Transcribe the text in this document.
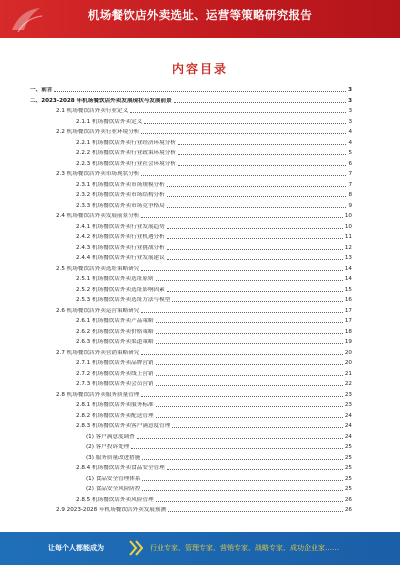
机场餐饮店外卖选址、运营等策略研究报告
内容目录
一、前言	3
二、2023-2028 年机场餐饮店外卖发展现状与发展前景	3
2.1 机场餐饮店外卖行业定义	3
2.1.1 机场餐饮店外卖定义	3
2.2 机场餐饮店外卖行业环境分析	4
2.2.1 机场餐饮店外卖行业经济环境分析	4
2.2.2 机场餐饮店外卖行业政策环境分析	5
2.2.3 机场餐饮店外卖行业社会环境分析	6
2.3 机场餐饮店外卖市场现状分析	7
2.3.1 机场餐饮店外卖市场规模分析	7
2.3.2 机场餐饮店外卖市场结构分析	8
2.3.3 机场餐饮店外卖市场竞争格局	9
2.4 机场餐饮店外卖发展前景分析	10
2.4.1 机场餐饮店外卖行业发展趋势	10
2.4.2 机场餐饮店外卖行业机遇分析	11
2.4.3 机场餐饮店外卖行业挑战分析	12
2.4.4 机场餐饮店外卖行业发展建议	13
2.5 机场餐饮店外卖选址策略研究	14
2.5.1 机场餐饮店外卖选址原则	14
2.5.2 机场餐饮店外卖选址影响因素	15
2.5.3 机场餐饮店外卖选址方法与模型	16
2.6 机场餐饮店外卖运营策略研究	17
2.6.1 机场餐饮店外卖产品策略	17
2.6.2 机场餐饮店外卖价格策略	18
2.6.3 机场餐饮店外卖渠道策略	19
2.7 机场餐饮店外卖营销策略研究	20
2.7.1 机场餐饮店外卖品牌营销	20
2.7.2 机场餐饮店外卖线上营销	21
2.7.3 机场餐饮店外卖会员营销	22
2.8 机场餐饮店外卖服务质量管理	23
2.8.1 机场餐饮店外卖服务标准	23
2.8.2 机场餐饮店外卖配送管理	24
2.8.3 机场餐饮店外卖客户满意度管理	24
(1) 客户满意度调查	24
(2) 客户投诉处理	25
(3) 服务质量改进措施	25
2.8.4 机场餐饮店外卖食品安全管理	25
(1) 食品安全管理体系	25
(2) 食品安全风险防控	25
2.8.5 机场餐饮店外卖风险管理	26
2.9 2023-2028 年机场餐饮店外卖发展预测	26
让每个人都能成为	行业专家、管理专家、营销专家、战略专家、成功企业家……
